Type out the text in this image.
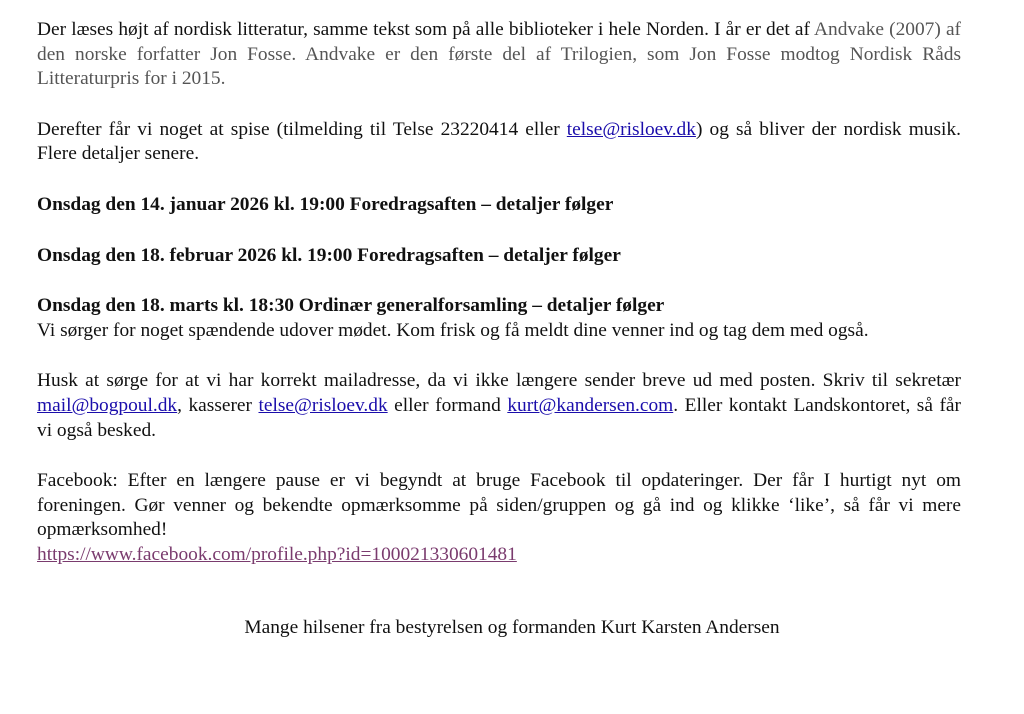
Der læses højt af nordisk litteratur, samme tekst som på alle biblioteker i hele Norden. I år er det af Andvake (2007) af den norske forfatter Jon Fosse. Andvake er den første del af Trilogien, som Jon Fosse modtog Nordisk Råds Litteraturpris for i 2015.

Derefter får vi noget at spise (tilmelding til Telse 23220414 eller telse@risloev.dk) og så bliver der nordisk musik. Flere detaljer senere.

Onsdag den 14. januar 2026 kl. 19:00 Foredragsaften – detaljer følger

Onsdag den 18. februar 2026 kl. 19:00 Foredragsaften – detaljer følger

Onsdag den 18. marts kl. 18:30 Ordinær generalforsamling – detaljer følger

Vi sørger for noget spændende udover mødet. Kom frisk og få meldt dine venner ind og tag dem med også.

Husk at sørge for at vi har korrekt mailadresse, da vi ikke længere sender breve ud med posten. Skriv til sekretær mail@bogpoul.dk, kasserer telse@risloev.dk eller formand kurt@kandersen.com. Eller kontakt Landskontoret, så får vi også besked.

Facebook: Efter en længere pause er vi begyndt at bruge Facebook til opdateringer. Der får I hurtigt nyt om foreningen. Gør venner og bekendte opmærksomme på siden/gruppen og gå ind og klikke ‘like’, så får vi mere opmærksomhed!

https://www.facebook.com/profile.php?id=100021330601481

Mange hilsener fra bestyrelsen og formanden Kurt Karsten Andersen
